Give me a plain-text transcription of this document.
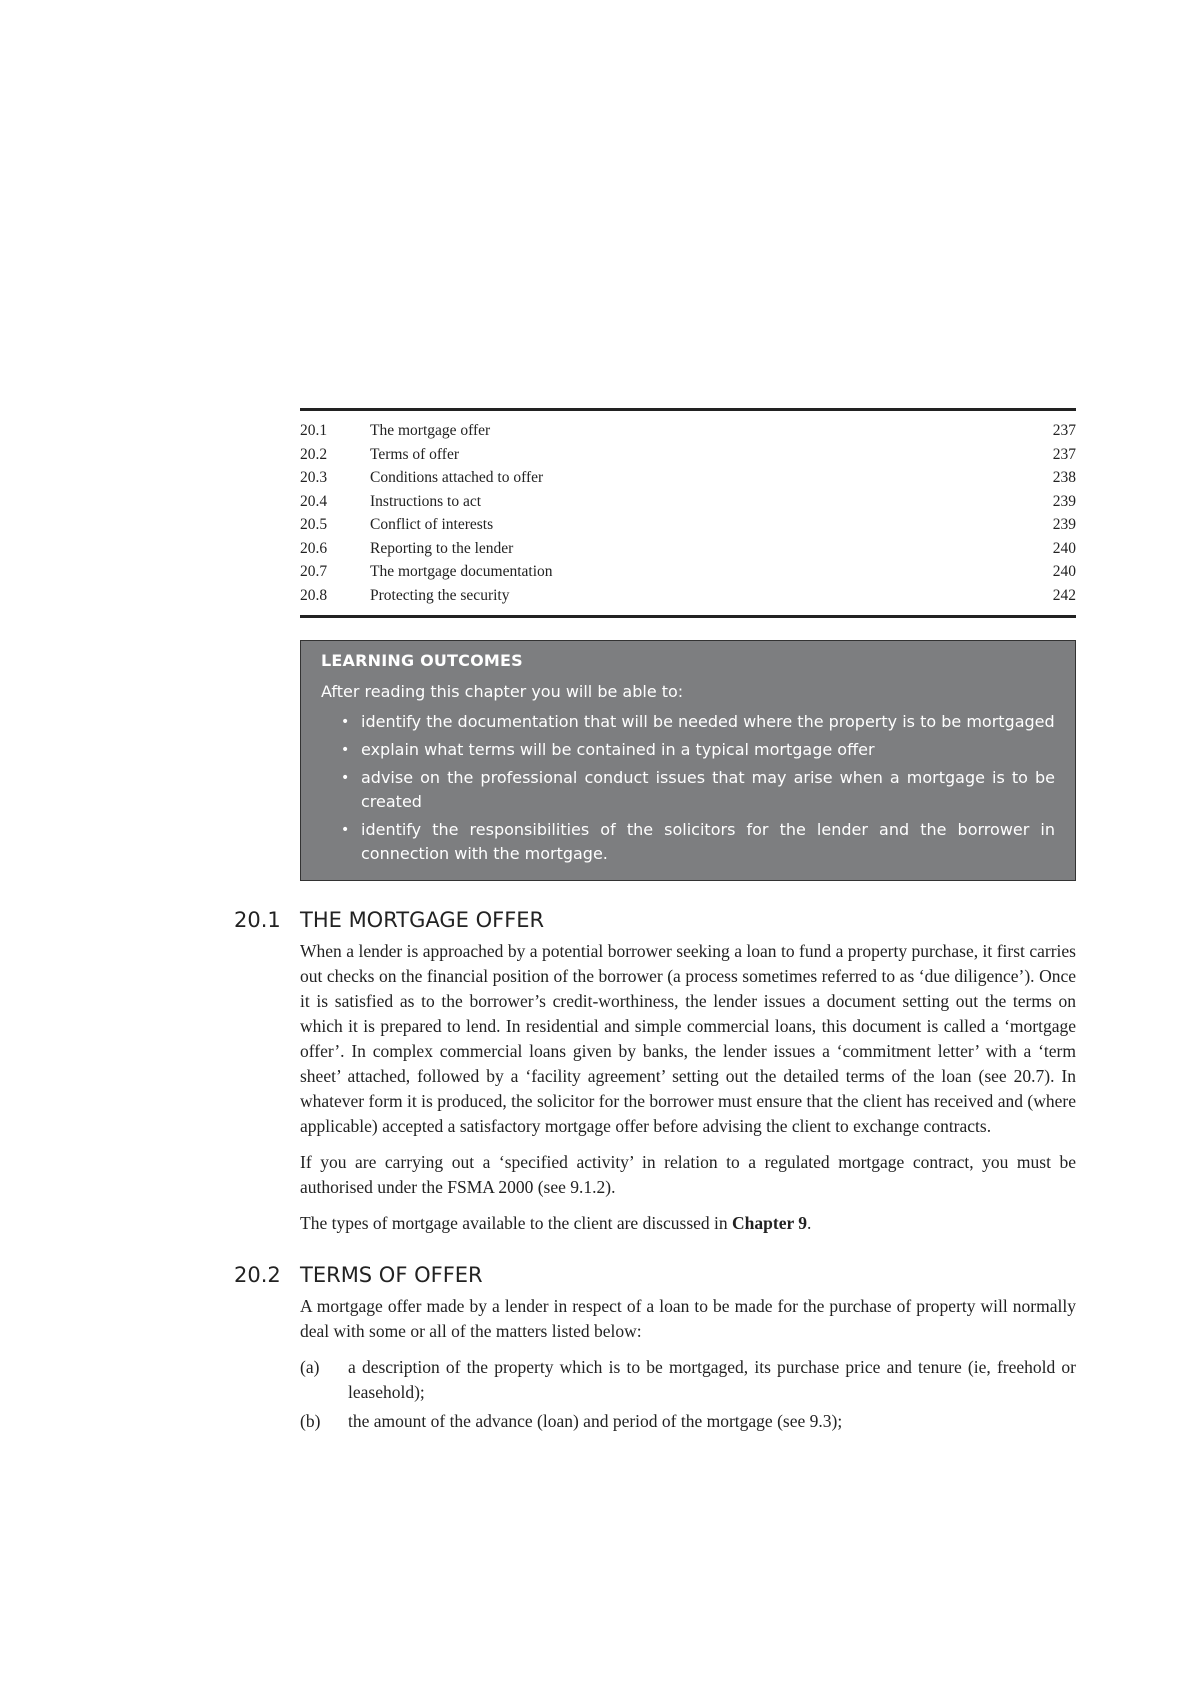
20.1	The mortgage offer	237
20.2	Terms of offer	237
20.3	Conditions attached to offer	238
20.4	Instructions to act	239
20.5	Conflict of interests	239
20.6	Reporting to the lender	240
20.7	The mortgage documentation	240
20.8	Protecting the security	242
LEARNING OUTCOMES
After reading this chapter you will be able to:
• identify the documentation that will be needed where the property is to be mortgaged
• explain what terms will be contained in a typical mortgage offer
• advise on the professional conduct issues that may arise when a mortgage is to be created
• identify the responsibilities of the solicitors for the lender and the borrower in connection with the mortgage.
20.1 THE MORTGAGE OFFER

When a lender is approached by a potential borrower seeking a loan to fund a property purchase, it first carries out checks on the financial position of the borrower (a process sometimes referred to as ‘due diligence’). Once it is satisfied as to the borrower’s credit-worthiness, the lender issues a document setting out the terms on which it is prepared to lend. In residential and simple commercial loans, this document is called a ‘mortgage offer’. In complex commercial loans given by banks, the lender issues a ‘commitment letter’ with a ‘term sheet’ attached, followed by a ‘facility agreement’ setting out the detailed terms of the loan (see 20.7). In whatever form it is produced, the solicitor for the borrower must ensure that the client has received and (where applicable) accepted a satisfactory mortgage offer before advising the client to exchange contracts.

If you are carrying out a ‘specified activity’ in relation to a regulated mortgage contract, you must be authorised under the FSMA 2000 (see 9.1.2).

The types of mortgage available to the client are discussed in Chapter 9.

20.2 TERMS OF OFFER

A mortgage offer made by a lender in respect of a loan to be made for the purchase of property will normally deal with some or all of the matters listed below:

(a)	a description of the property which is to be mortgaged, its purchase price and tenure (ie, freehold or leasehold);
(b)	the amount of the advance (loan) and period of the mortgage (see 9.3);
